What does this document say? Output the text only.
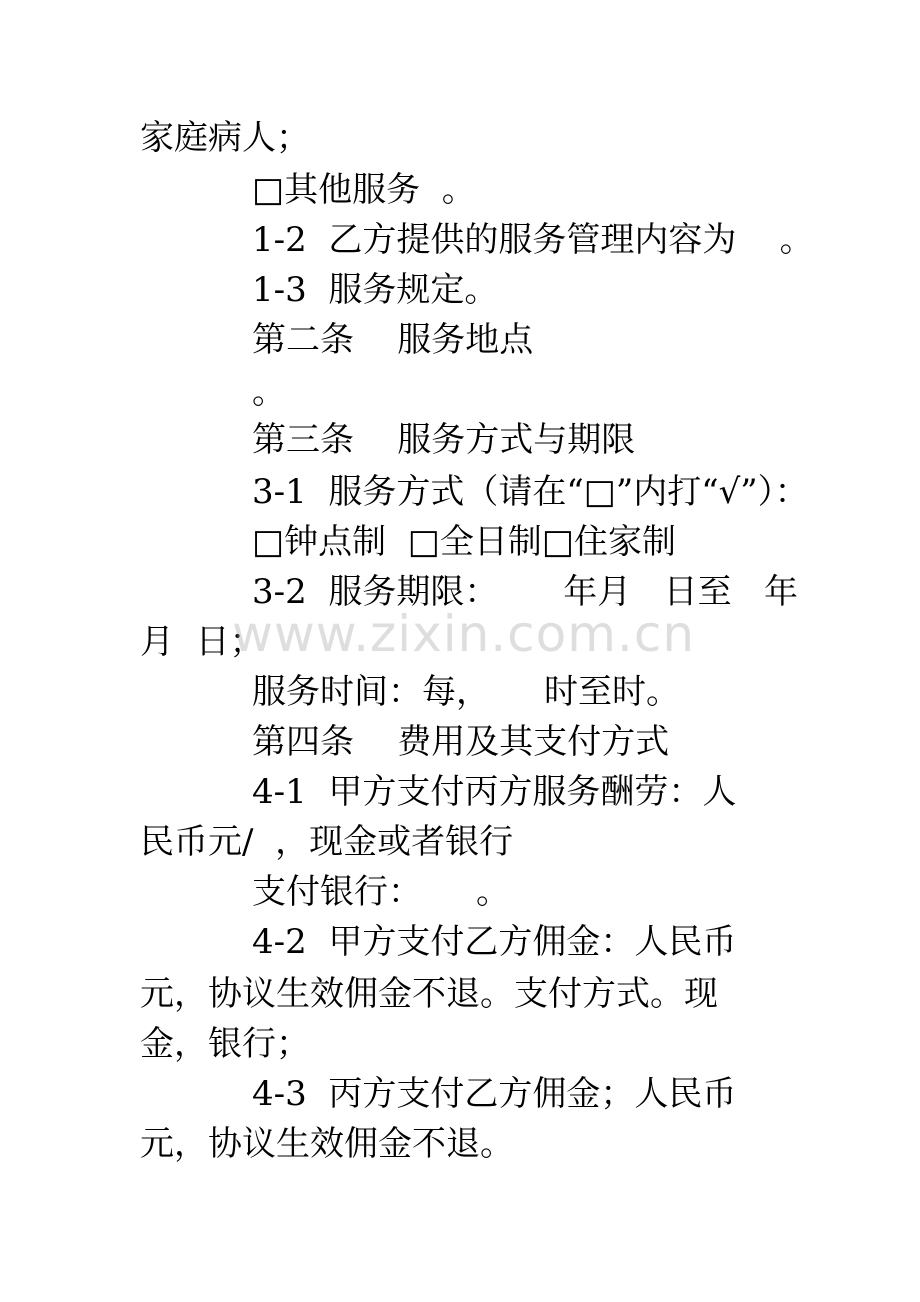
家庭病人；
□其他服务  。
1-2  乙方提供的服务管理内容为    。
1-3  服务规定。
第二条    服务地点
。
第三条    服务方式与期限
3-1  服务方式（请在“□”内打“√”）：
□钟点制  □全日制□住家制
3-2  服务期限：      年月   日至   年
月  日；
服务时间：每，     时至时。
第四条    费用及其支付方式
4-1  甲方支付丙方服务酬劳：人
民币元/  ，现金或者银行
支付银行：     。
4-2  甲方支付乙方佣金：人民币
元，协议生效佣金不退。支付方式。现
金，银行；
4-3  丙方支付乙方佣金；人民币
元，协议生效佣金不退。
www.zixin.com.cn
